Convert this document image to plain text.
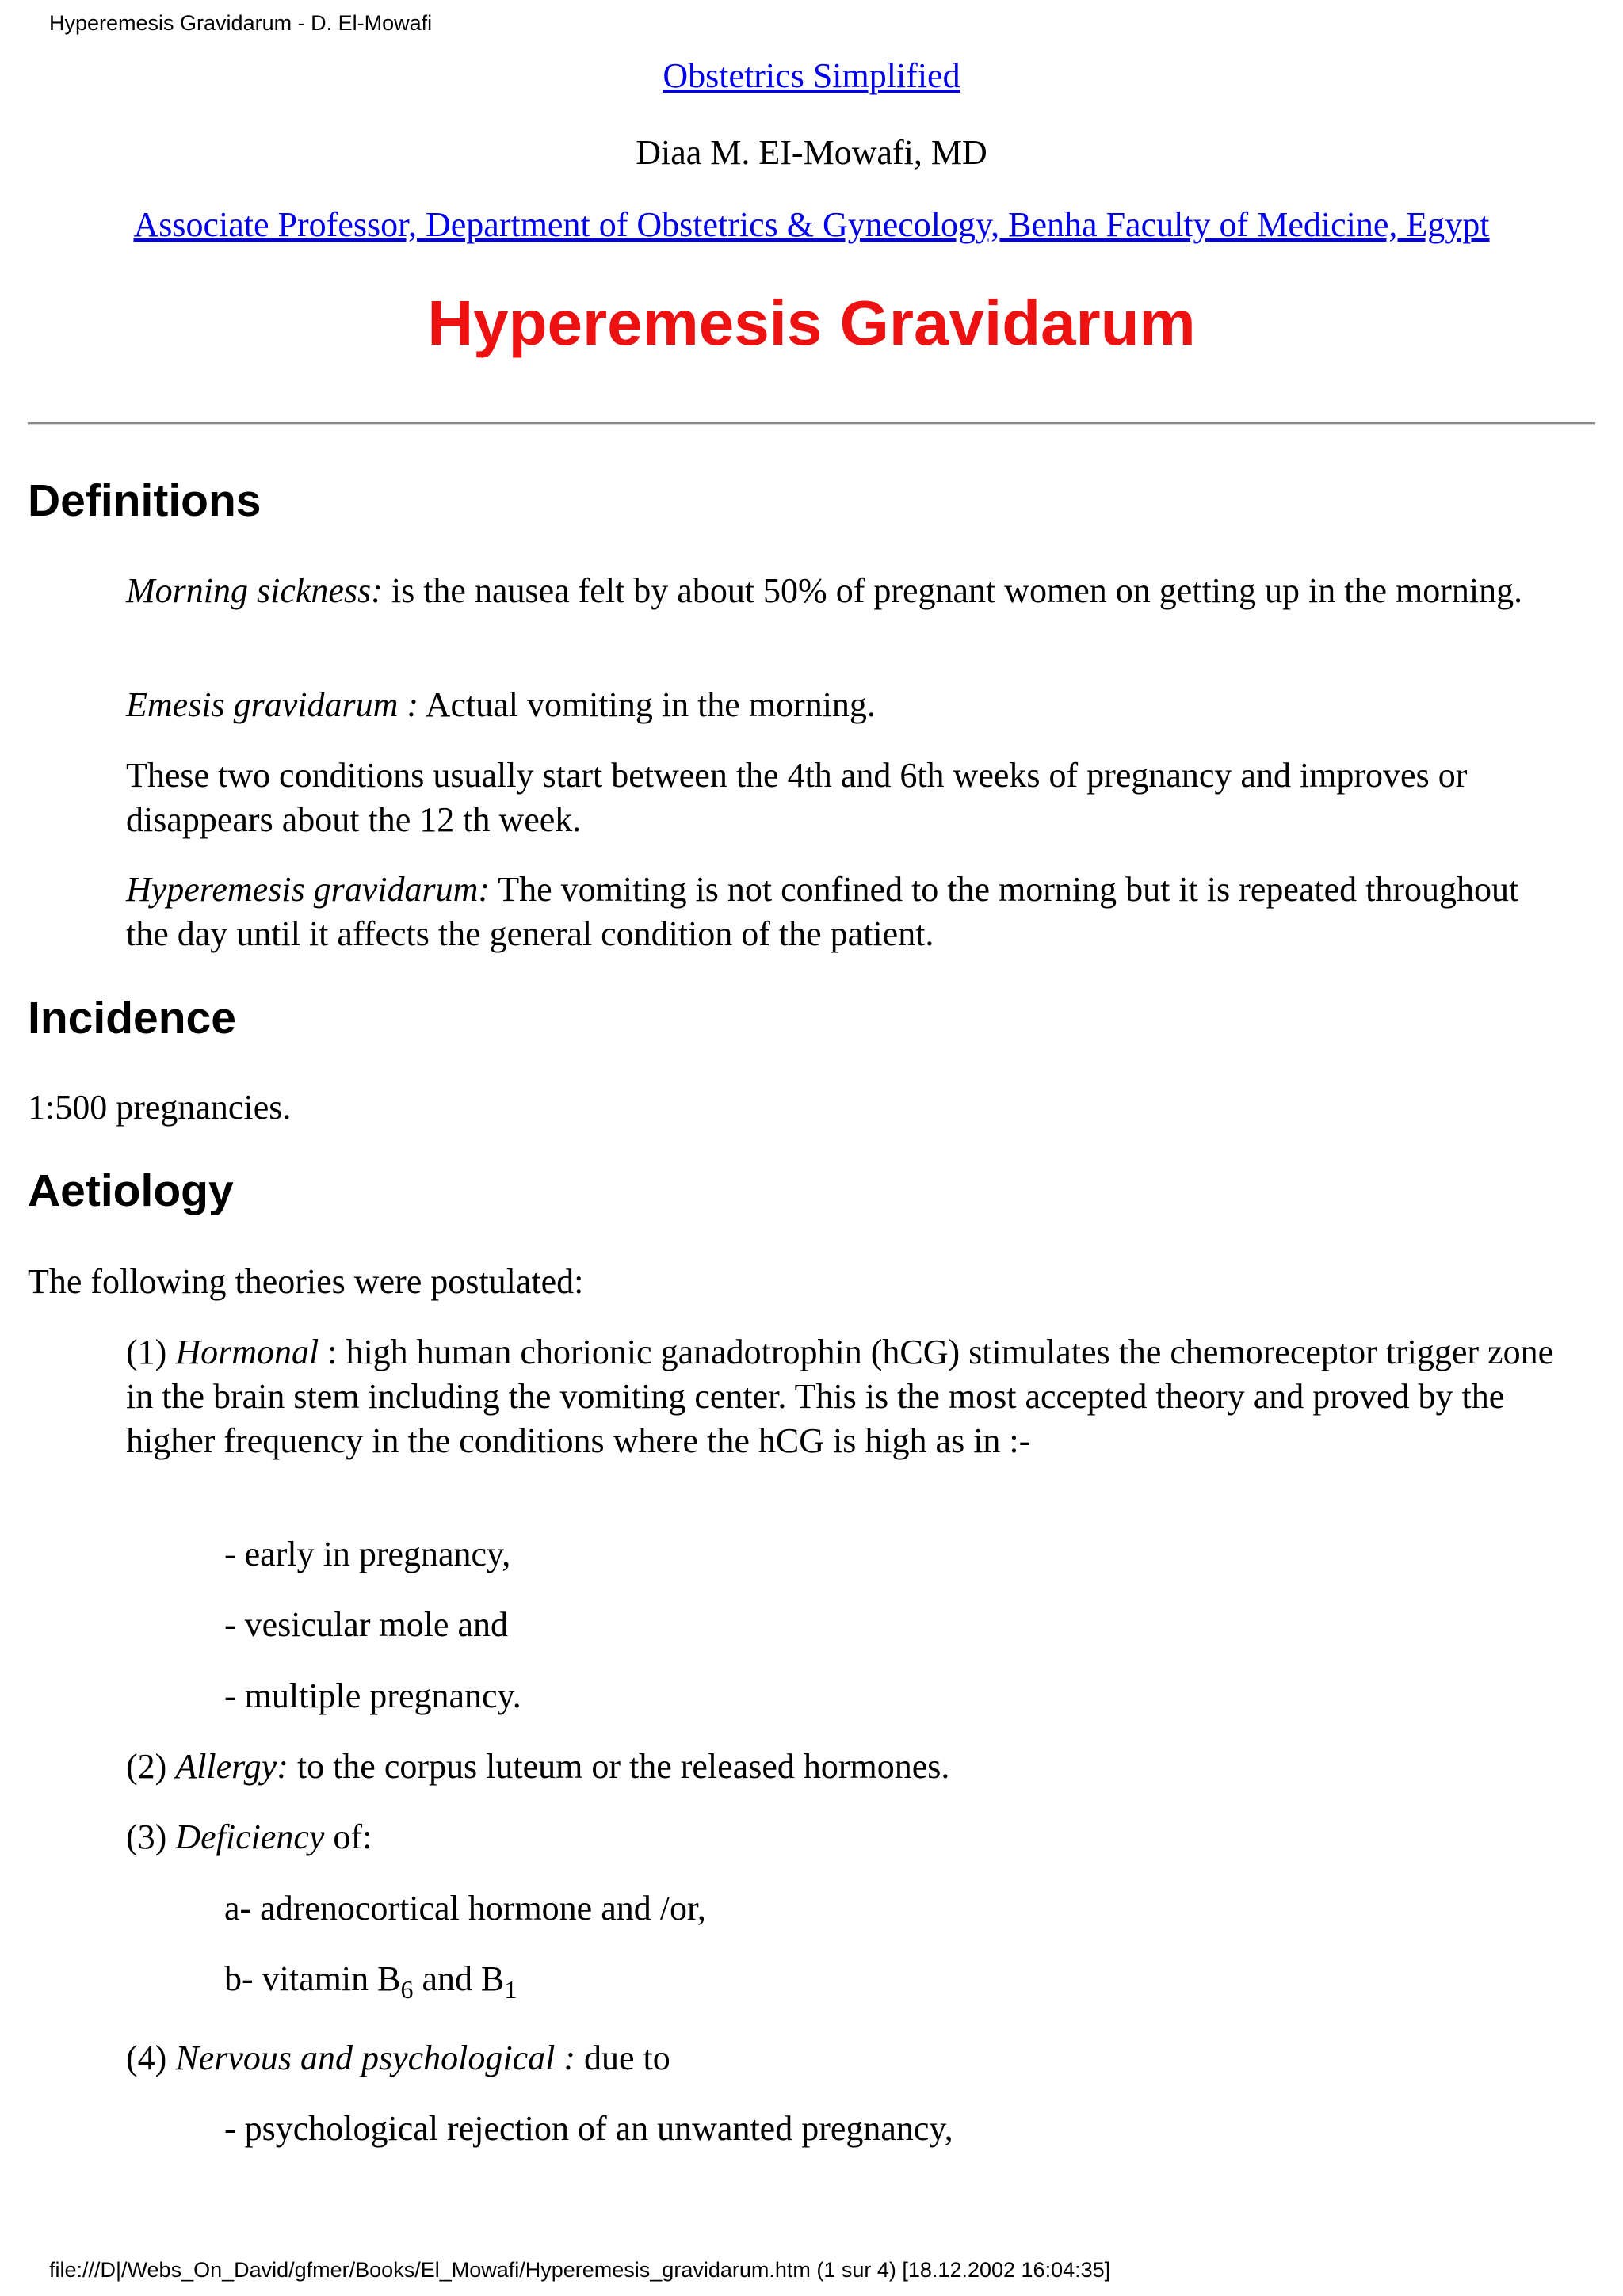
Hyperemesis Gravidarum - D. El-Mowafi
Obstetrics Simplified
Diaa M. EI-Mowafi, MD
Associate Professor, Department of Obstetrics & Gynecology, Benha Faculty of Medicine, Egypt
Hyperemesis Gravidarum
Definitions

Morning sickness: is the nausea felt by about 50% of pregnant women on getting up in the morning.

Emesis gravidarum : Actual vomiting in the morning.

These two conditions usually start between the 4th and 6th weeks of pregnancy and improves or disappears about the 12 th week.

Hyperemesis gravidarum: The vomiting is not confined to the morning but it is repeated throughout the day until it affects the general condition of the patient.

Incidence

1:500 pregnancies.

Aetiology

The following theories were postulated:

(1) Hormonal : high human chorionic ganadotrophin (hCG) stimulates the chemoreceptor trigger zone in the brain stem including the vomiting center. This is the most accepted theory and proved by the higher frequency in the conditions where the hCG is high as in :-

- early in pregnancy,

- vesicular mole and

- multiple pregnancy.

(2) Allergy: to the corpus luteum or the released hormones.

(3) Deficiency of:

a- adrenocortical hormone and /or,

b- vitamin $B_6$ and $B_1$

(4) Nervous and psychological : due to

- psychological rejection of an unwanted pregnancy,

file:///D|/Webs_On_David/gfmer/Books/El_Mowafi/Hyperemesis_gravidarum.htm (1 sur 4) [18.12.2002 16:04:35]
